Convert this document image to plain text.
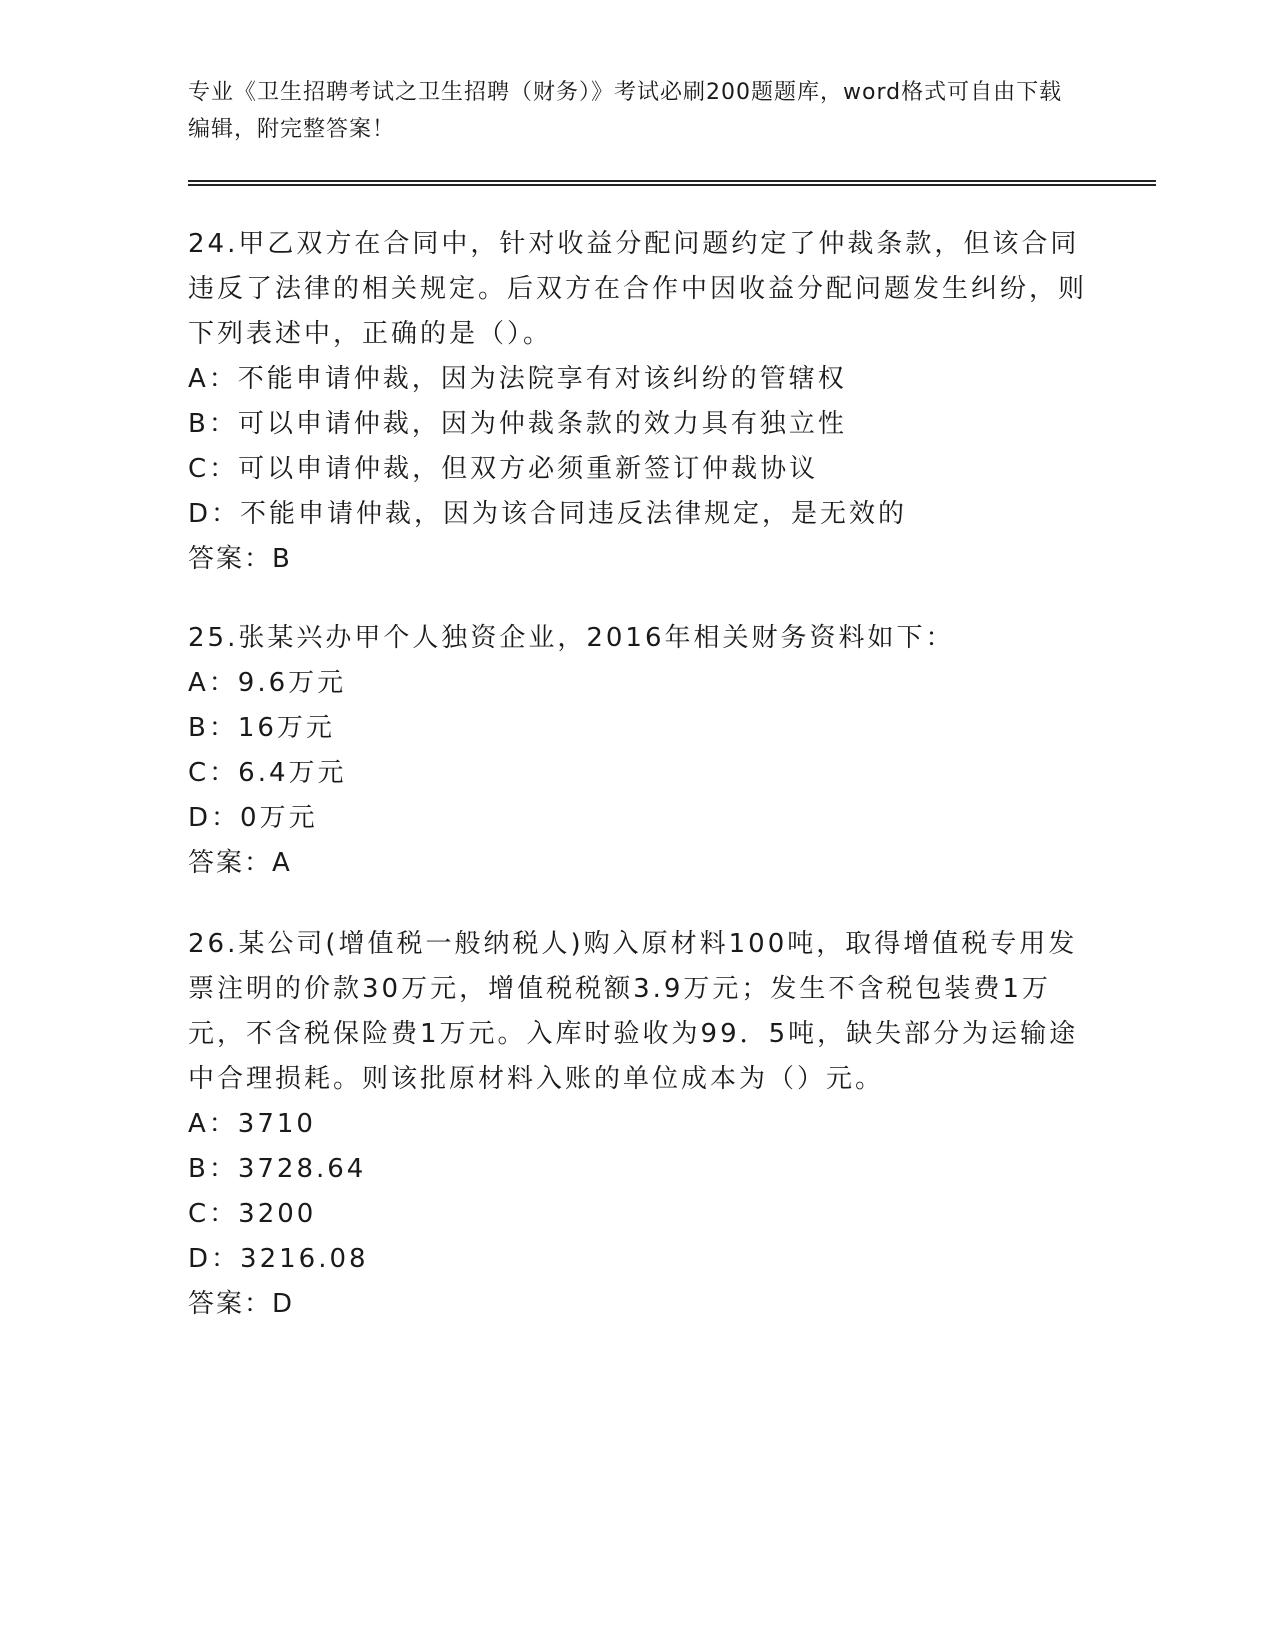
专业《卫生招聘考试之卫生招聘（财务）》考试必刷200题题库，word格式可自由下载编辑，附完整答案！

24.甲乙双方在合同中，针对收益分配问题约定了仲裁条款，但该合同违反了法律的相关规定。后双方在合作中因收益分配问题发生纠纷，则下列表述中，正确的是（）。

A：不能申请仲裁，因为法院享有对该纠纷的管辖权

B：可以申请仲裁，因为仲裁条款的效力具有独立性

C：可以申请仲裁，但双方必须重新签订仲裁协议

D：不能申请仲裁，因为该合同违反法律规定，是无效的

答案：B

25.张某兴办甲个人独资企业，2016年相关财务资料如下：

A：9.6万元

B：16万元

C：6.4万元

D：0万元

答案：A

26.某公司(增值税一般纳税人)购入原材料100吨，取得增值税专用发票注明的价款30万元，增值税税额3.9万元；发生不含税包装费1万元，不含税保险费1万元。入库时验收为99．5吨，缺失部分为运输途中合理损耗。则该批原材料入账的单位成本为（）元。

A：3710

B：3728.64

C：3200

D：3216.08

答案：D
